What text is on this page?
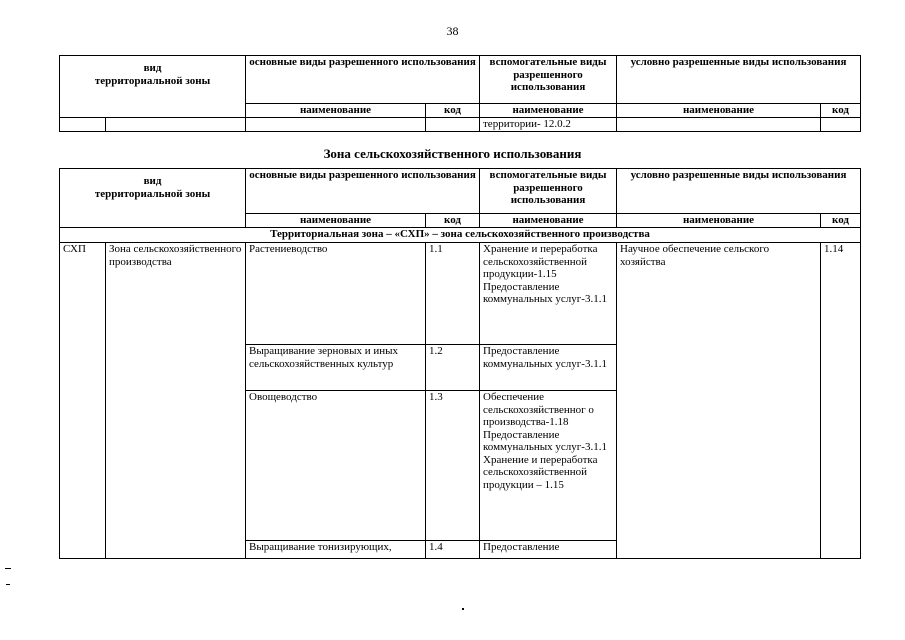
38
вид
территориальной зоны		основные виды разрешенного использования		вспомогательные виды разрешенного использования	условно разрешенные виды использования	
		наименование	код	наименование	наименование	код
				территории- 12.0.2		
Зона сельскохозяйственного использования
вид
территориальной зоны		основные виды разрешенного использования		вспомогательные виды разрешенного использования	условно разрешенные виды использования	
		наименование	код	наименование	наименование	код
Территориальная зона – «СХП» – зона сельскохозяйственного производства						
СХП	Зона сельскохозяйственного производства	Растениеводство	1.1	Хранение и переработка сельскохозяйственной продукции-1.15 Предоставление коммунальных услуг-3.1.1	Научное обеспечение сельского хозяйства	1.14
		Выращивание зерновых и иных сельскохозяйственных культур	1.2	Предоставление коммунальных услуг-3.1.1		
		Овощеводство	1.3	Обеспечение сельскохозяйственног о производства-1.18 Предоставление коммунальных услуг-3.1.1 Хранение и переработка сельскохозяйственной продукции – 1.15		
		Выращивание тонизирующих,	1.4	Предоставление		
